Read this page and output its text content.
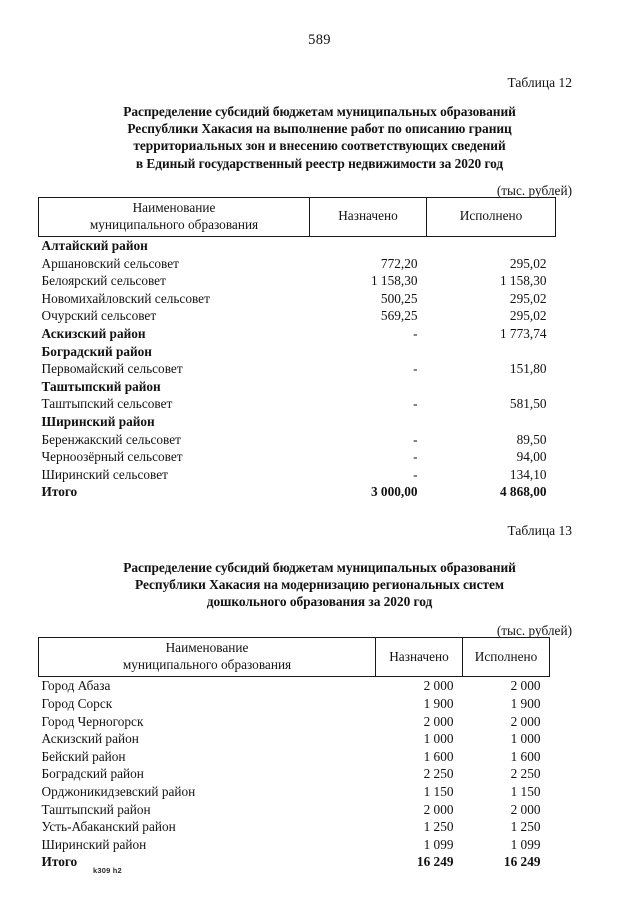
589
Таблица 12
Распределение субсидий бюджетам муниципальных образований
Республики Хакасия на выполнение работ по описанию границ
территориальных зон и внесению соответствующих сведений
в Единый государственный реестр недвижимости за 2020 год
(тыс. рублей)
Наименование
муниципального образования	Назначено	Исполнено
Алтайский район		
Аршановский сельсовет	772,20	295,02
Белоярский сельсовет	1 158,30	1 158,30
Новомихайловский сельсовет	500,25	295,02
Очурский сельсовет	569,25	295,02
Аскизский район	-	1 773,74
Боградский район		
Первомайский сельсовет	-	151,80
Таштыпский район		
Таштыпский сельсовет	-	581,50
Ширинский район		
Беренжакский сельсовет	-	89,50
Черноозёрный сельсовет	-	94,00
Ширинский сельсовет	-	134,10
Итого	3 000,00	4 868,00
Таблица 13
Распределение субсидий бюджетам муниципальных образований
Республики Хакасия на модернизацию региональных систем
дошкольного образования за 2020 год
(тыс. рублей)
Наименование
муниципального образования	Назначено	Исполнено
Город Абаза	2 000	2 000
Город Сорск	1 900	1 900
Город Черногорск	2 000	2 000
Аскизский район	1 000	1 000
Бейский район	1 600	1 600
Боградский район	2 250	2 250
Орджоникидзевский район	1 150	1 150
Таштыпский район	2 000	2 000
Усть-Абаканский район	1 250	1 250
Ширинский район	1 099	1 099
Итого	16 249	16 249
k309 h2
